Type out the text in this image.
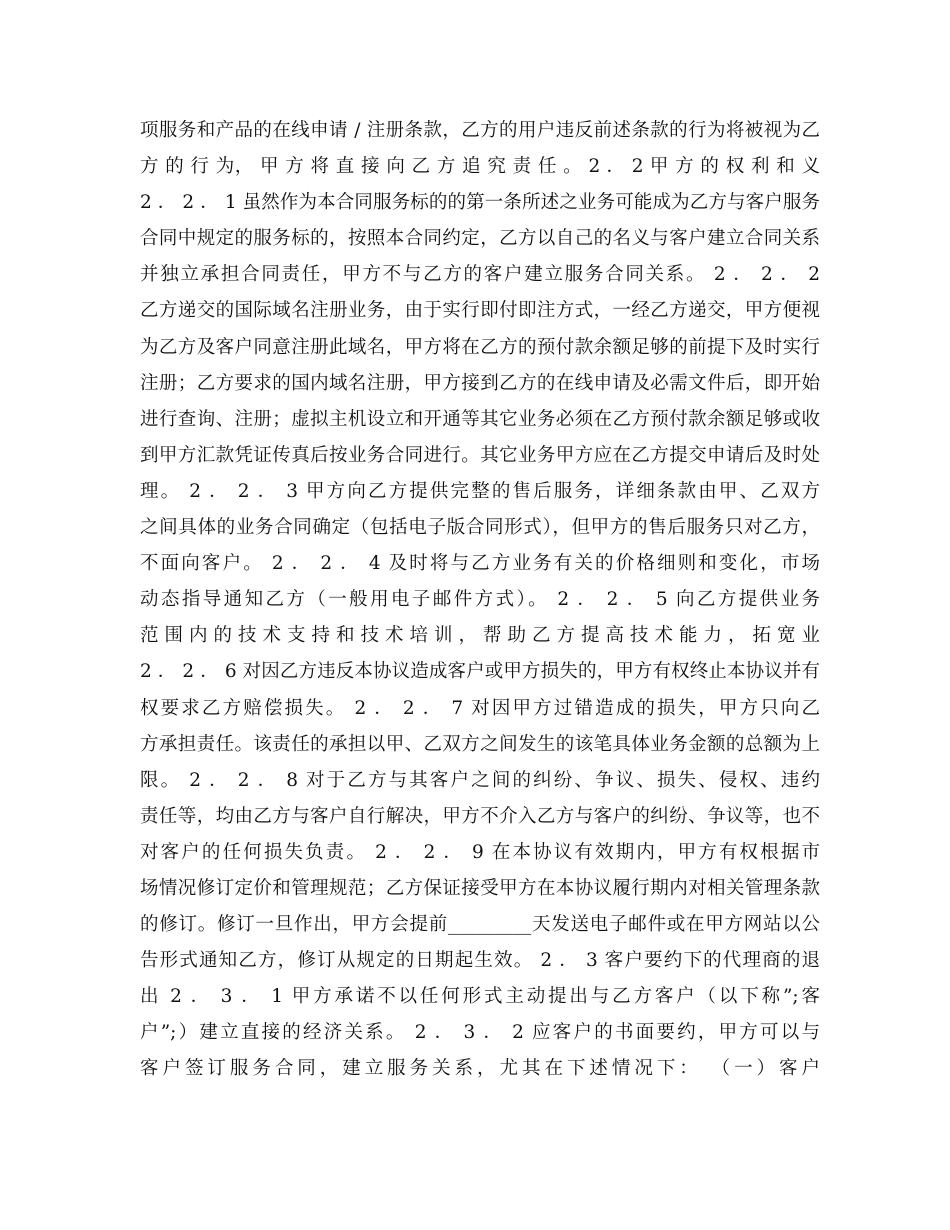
项服务和产品的在线申请 / 注册条款，乙方的用户违反前述条款的行为将被视为乙
方 的 行 为， 甲 方 将 直 接 向 乙 方 追 究 责 任 。 2 ． 2 甲 方 的 权 利 和 义
2 ． 2 ． 1 虽然作为本合同服务标的的第一条所述之业务可能成为乙方与客户服务
合同中规定的服务标的，按照本合同约定，乙方以自己的名义与客户建立合同关系
并独立承担合同责任，甲方不与乙方的客户建立服务合同关系。 2 ． 2 ． 2
乙方递交的国际域名注册业务，由于实行即付即注方式，一经乙方递交，甲方便视
为乙方及客户同意注册此域名，甲方将在乙方的预付款余额足够的前提下及时实行
注册；乙方要求的国内域名注册，甲方接到乙方的在线申请及必需文件后，即开始
进行查询、注册；虚拟主机设立和开通等其它业务必须在乙方预付款余额足够或收
到甲方汇款凭证传真后按业务合同进行。其它业务甲方应在乙方提交申请后及时处
理。 2 ． 2 ． 3 甲方向乙方提供完整的售后服务，详细条款由甲、乙双方
之间具体的业务合同确定（包括电子版合同形式），但甲方的售后服务只对乙方，
不面向客户。 2 ． 2 ． 4 及时将与乙方业务有关的价格细则和变化，市场
动态指导通知乙方（一般用电子邮件方式）。 2 ． 2 ． 5 向乙方提供业务
范 围 内 的 技 术 支 持 和 技 术 培 训 ， 帮 助 乙 方 提 高 技 术 能 力 ， 拓 宽 业
2 ． 2 ． 6 对因乙方违反本协议造成客户或甲方损失的，甲方有权终止本协议并有
权要求乙方赔偿损失。 2 ． 2 ． 7 对因甲方过错造成的损失，甲方只向乙
方承担责任。该责任的承担以甲、乙双方之间发生的该笔具体业务金额的总额为上
限。 2 ． 2 ． 8 对于乙方与其客户之间的纠纷、争议、损失、侵权、违约
责任等，均由乙方与客户自行解决，甲方不介入乙方与客户的纠纷、争议等，也不
对客户的任何损失负责。 2 ． 2 ． 9 在本协议有效期内，甲方有权根据市
场情况修订定价和管理规范；乙方保证接受甲方在本协议履行期内对相关管理条款
的修订。修订一旦作出，甲方会提前_________天发送电子邮件或在甲方网站以公
告形式通知乙方，修订从规定的日期起生效。 2 ． 3 客户要约下的代理商的退
出 2 ． 3 ． 1 甲方承诺不以任何形式主动提出与乙方客户（以下称”;客
户”;）建立直接的经济关系。 2 ． 3 ． 2 应客户的书面要约，甲方可以与
客户签订服务合同，建立服务关系，尤其在下述情况下： （一）客户
